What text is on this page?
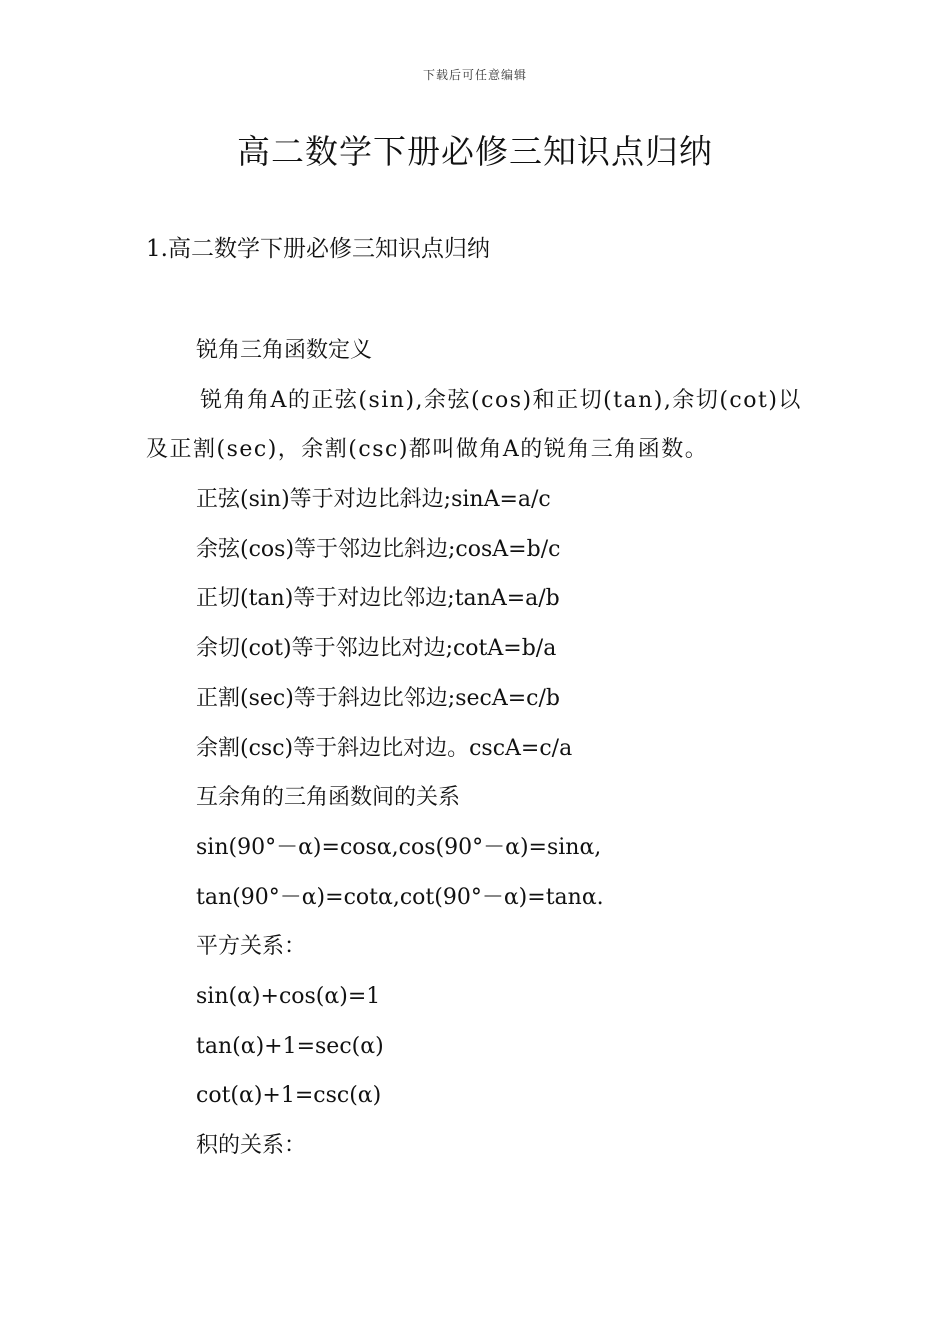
下载后可任意编辑
高二数学下册必修三知识点归纳
1.高二数学下册必修三知识点归纳

锐角三角函数定义

锐角角A的正弦(sin),余弦(cos)和正切(tan),余切(cot)以及正割(sec)，余割(csc)都叫做角A的锐角三角函数。

正弦(sin)等于对边比斜边;sinA=a/c

余弦(cos)等于邻边比斜边;cosA=b/c

正切(tan)等于对边比邻边;tanA=a/b

余切(cot)等于邻边比对边;cotA=b/a

正割(sec)等于斜边比邻边;secA=c/b

余割(csc)等于斜边比对边。cscA=c/a

互余角的三角函数间的关系

sin(90°－α)=cosα,cos(90°－α)=sinα,

tan(90°－α)=cotα,cot(90°－α)=tanα.

平方关系：

sin(α)+cos(α)=1

tan(α)+1=sec(α)

cot(α)+1=csc(α)

积的关系：
